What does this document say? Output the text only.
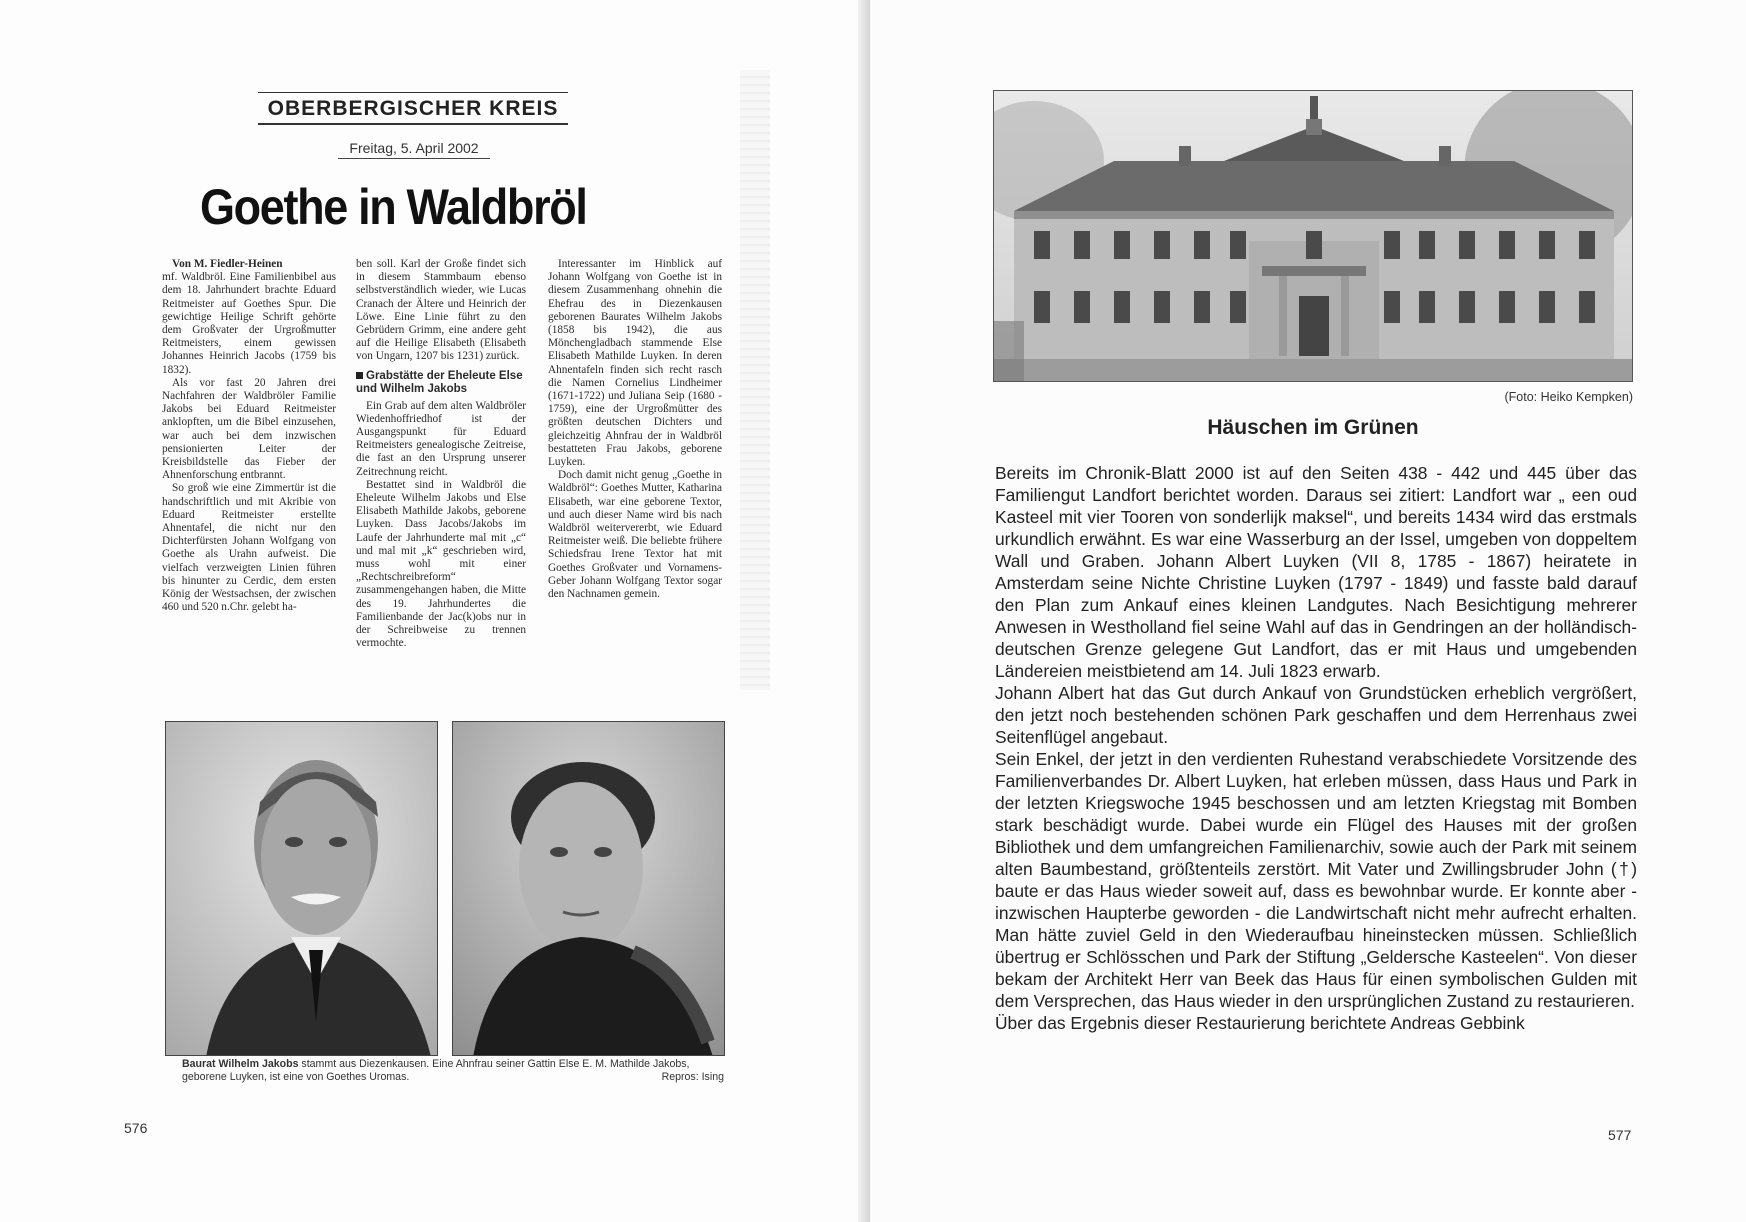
OBERBERGISCHER KREIS
Freitag, 5. April 2002
Goethe in Waldbröl

Von M. Fiedler-Heinen

mf. Waldbröl. Eine Familienbibel aus dem 18. Jahrhundert brachte Eduard Reitmeister auf Goethes Spur. Die gewichtige Heilige Schrift gehörte dem Großvater der Urgroßmutter Reitmeisters, einem gewissen Johannes Heinrich Jacobs (1759 bis 1832).

Als vor fast 20 Jahren drei Nachfahren der Waldbröler Familie Jakobs bei Eduard Reitmeister anklopften, um die Bibel einzusehen, war auch bei dem inzwischen pensionierten Leiter der Kreisbildstelle das Fieber der Ahnenforschung entbrannt.

So groß wie eine Zimmertür ist die handschriftlich und mit Akribie von Eduard Reitmeister erstellte Ahnentafel, die nicht nur den Dichterfürsten Johann Wolfgang von Goethe als Urahn aufweist. Die vielfach verzweigten Linien führen bis hinunter zu Cerdic, dem ersten König der Westsachsen, der zwischen 460 und 520 n.Chr. gelebt ha-

ben soll. Karl der Große findet sich in diesem Stammbaum ebenso selbstverständlich wieder, wie Lucas Cranach der Ältere und Heinrich der Löwe. Eine Linie führt zu den Gebrüdern Grimm, eine andere geht auf die Heilige Elisabeth (Elisabeth von Ungarn, 1207 bis 1231) zurück.

Grabstätte der Eheleute Else und Wilhelm Jakobs

Ein Grab auf dem alten Waldbröler Wiedenhoffriedhof ist der Ausgangspunkt für Eduard Reitmeisters genealogische Zeitreise, die fast an den Ursprung unserer Zeitrechnung reicht.

Bestattet sind in Waldbröl die Eheleute Wilhelm Jakobs und Else Elisabeth Mathilde Jakobs, geborene Luyken. Dass Jacobs/Jakobs im Laufe der Jahrhunderte mal mit „c“ und mal mit „k“ geschrieben wird, muss wohl mit einer „Rechtschreibreform“ zusammengehangen haben, die Mitte des 19. Jahrhundertes die Familienbande der Jac(k)obs nur in der Schreibweise zu trennen vermochte.

Interessanter im Hinblick auf Johann Wolfgang von Goethe ist in diesem Zusammenhang ohnehin die Ehefrau des in Diezenkausen geborenen Baurates Wilhelm Jakobs (1858 bis 1942), die aus Mönchengladbach stammende Else Elisabeth Mathilde Luyken. In deren Ahnentafeln finden sich recht rasch die Namen Cornelius Lindheimer (1671-1722) und Juliana Seip (1680 - 1759), eine der Urgroßmütter des größten deutschen Dichters und gleichzeitig Ahnfrau der in Waldbröl bestatteten Frau Jakobs, geborene Luyken.

Doch damit nicht genug „Goethe in Waldbröl“: Goethes Mutter, Katharina Elisabeth, war eine geborene Textor, und auch dieser Name wird bis nach Waldbröl weitervererbt, wie Eduard Reitmeister weiß. Die beliebte frühere Schiedsfrau Irene Textor hat mit Goethes Großvater und Vornamens-Geber Johann Wolfgang Textor sogar den Nachnamen gemein.

Baurat Wilhelm Jakobs stammt aus Diezenkausen. Eine Ahnfrau seiner Gattin Else E. M. Mathilde Jakobs, geborene Luyken, ist eine von Goethes Uromas.	Repros: Ising
576
(Foto: Heiko Kempken)
Häuschen im Grünen

Bereits im Chronik-Blatt 2000 ist auf den Seiten 438 - 442 und 445 über das Familiengut Landfort berichtet worden. Daraus sei zitiert: Landfort war „ een oud Kasteel mit vier Tooren von sonderlijk maksel“, und bereits 1434 wird das erstmals urkundlich erwähnt. Es war eine Wasserburg an der Issel, umgeben von doppeltem Wall und Graben. Johann Albert Luyken (VII 8, 1785 - 1867) heiratete in Amsterdam seine Nichte Christine Luyken (1797 - 1849) und fasste bald darauf den Plan zum Ankauf eines kleinen Landgutes. Nach Besichtigung mehrerer Anwesen in Westholland fiel seine Wahl auf das in Gendringen an der holländisch-deutschen Grenze gelegene Gut Landfort, das er mit Haus und umgebenden Ländereien meistbietend am 14. Juli 1823 erwarb.

Johann Albert hat das Gut durch Ankauf von Grundstücken erheblich vergrößert, den jetzt noch bestehenden schönen Park geschaffen und dem Herrenhaus zwei Seitenflügel angebaut.

Sein Enkel, der jetzt in den verdienten Ruhestand verabschiedete Vorsitzende des Familienverbandes Dr. Albert Luyken, hat erleben müssen, dass Haus und Park in der letzten Kriegswoche 1945 beschossen und am letzten Kriegstag mit Bomben stark beschädigt wurde. Dabei wurde ein Flügel des Hauses mit der großen Bibliothek und dem umfangreichen Familienarchiv, sowie auch der Park mit seinem alten Baumbestand, größtenteils zerstört. Mit Vater und Zwillingsbruder John (†) baute er das Haus wieder soweit auf, dass es bewohnbar wurde. Er konnte aber - inzwischen Haupterbe geworden - die Landwirtschaft nicht mehr aufrecht erhalten. Man hätte zuviel Geld in den Wiederaufbau hineinstecken müssen. Schließlich übertrug er Schlösschen und Park der Stiftung „Geldersche Kasteelen“. Von dieser bekam der Architekt Herr van Beek das Haus für einen symbolischen Gulden mit dem Versprechen, das Haus wieder in den ursprünglichen Zustand zu restaurieren.

Über das Ergebnis dieser Restaurierung berichtete Andreas Gebbink

577
